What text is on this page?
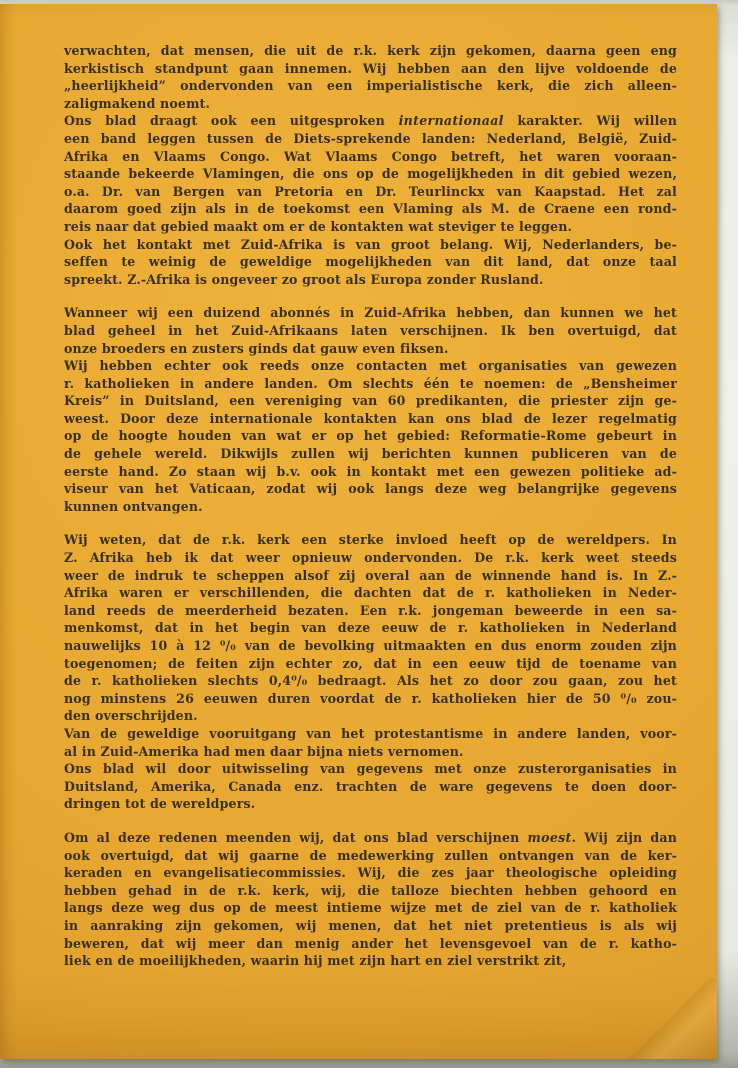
verwachten, dat mensen, die uit de r.k. kerk zijn gekomen, daarna geen eng
kerkistisch standpunt gaan innemen. Wij hebben aan den lijve voldoende de
„heerlijkheid” ondervonden van een imperialistische kerk, die zich alleen-
zaligmakend noemt.
Ons blad draagt ook een uitgesproken internationaal karakter. Wij willen
een band leggen tussen de Diets-sprekende landen: Nederland, België, Zuid-
Afrika en Vlaams Congo. Wat Vlaams Congo betreft, het waren vooraan-
staande bekeerde Vlamingen, die ons op de mogelijkheden in dit gebied wezen,
o.a. Dr. van Bergen van Pretoria en Dr. Teurlinckx van Kaapstad. Het zal
daarom goed zijn als in de toekomst een Vlaming als M. de Craene een rond-
reis naar dat gebied maakt om er de kontakten wat steviger te leggen.
Ook het kontakt met Zuid-Afrika is van groot belang. Wij, Nederlanders, be-
seffen te weinig de geweldige mogelijkheden van dit land, dat onze taal
spreekt. Z.-Afrika is ongeveer zo groot als Europa zonder Rusland.
Wanneer wij een duizend abonnés in Zuid-Afrika hebben, dan kunnen we het
blad geheel in het Zuid-Afrikaans laten verschijnen. Ik ben overtuigd, dat
onze broeders en zusters ginds dat gauw even fiksen.
Wij hebben echter ook reeds onze contacten met organisaties van gewezen
r. katholieken in andere landen. Om slechts één te noemen: de „Bensheimer
Kreis” in Duitsland, een vereniging van 60 predikanten, die priester zijn ge-
weest. Door deze internationale kontakten kan ons blad de lezer regelmatig
op de hoogte houden van wat er op het gebied: Reformatie-Rome gebeurt in
de gehele wereld. Dikwijls zullen wij berichten kunnen publiceren van de
eerste hand. Zo staan wij b.v. ook in kontakt met een gewezen politieke ad-
viseur van het Vaticaan, zodat wij ook langs deze weg belangrijke gegevens
kunnen ontvangen.
Wij weten, dat de r.k. kerk een sterke invloed heeft op de wereldpers. In
Z. Afrika heb ik dat weer opnieuw ondervonden. De r.k. kerk weet steeds
weer de indruk te scheppen alsof zij overal aan de winnende hand is. In Z.-
Afrika waren er verschillenden, die dachten dat de r. katholieken in Neder-
land reeds de meerderheid bezaten. Een r.k. jongeman beweerde in een sa-
menkomst, dat in het begin van deze eeuw de r. katholieken in Nederland
nauwelijks 10 à 12 ⁰/₀ van de bevolking uitmaakten en dus enorm zouden zijn
toegenomen; de feiten zijn echter zo, dat in een eeuw tijd de toename van
de r. katholieken slechts 0,4⁰/₀ bedraagt. Als het zo door zou gaan, zou het
nog minstens 26 eeuwen duren voordat de r. katholieken hier de 50 ⁰/₀ zou-
den overschrijden.
Van de geweldige vooruitgang van het protestantisme in andere landen, voor-
al in Zuid-Amerika had men daar bijna niets vernomen.
Ons blad wil door uitwisseling van gegevens met onze zusterorganisaties in
Duitsland, Amerika, Canada enz. trachten de ware gegevens te doen door-
dringen tot de wereldpers.
Om al deze redenen meenden wij, dat ons blad verschijnen moest. Wij zijn dan
ook overtuigd, dat wij gaarne de medewerking zullen ontvangen van de ker-
keraden en evangelisatiecommissies. Wij, die zes jaar theologische opleiding
hebben gehad in de r.k. kerk, wij, die talloze biechten hebben gehoord en
langs deze weg dus op de meest intieme wijze met de ziel van de r. katholiek
in aanraking zijn gekomen, wij menen, dat het niet pretentieus is als wij
beweren, dat wij meer dan menig ander het levensgevoel van de r. katho-
liek en de moeilijkheden, waarin hij met zijn hart en ziel verstrikt zit,
